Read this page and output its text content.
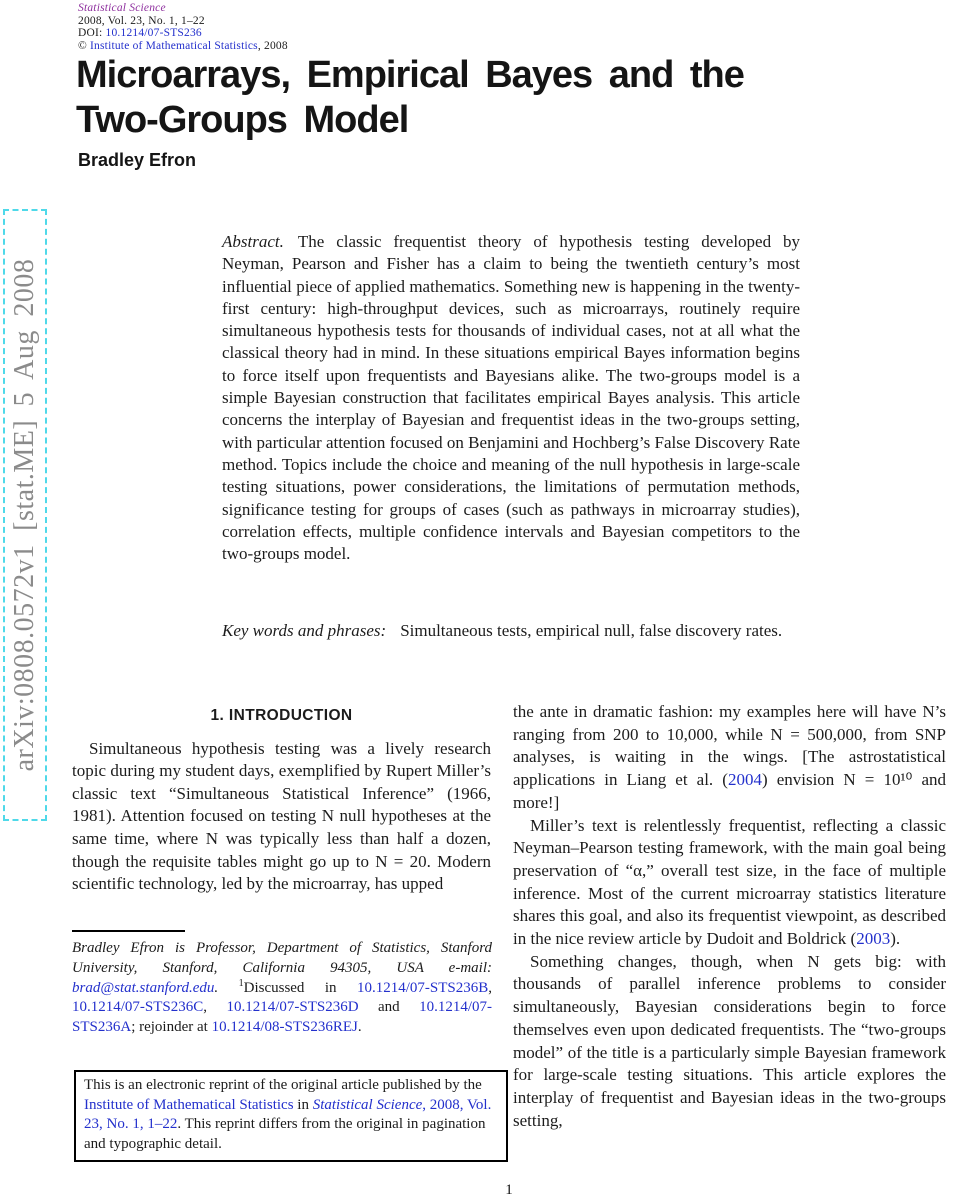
Statistical Science
2008, Vol. 23, No. 1, 1–22
DOI: 10.1214/07-STS236
© Institute of Mathematical Statistics, 2008
Microarrays, Empirical Bayes and the
Two-Groups Model
Bradley Efron
arXiv:0808.0572v1 [stat.ME] 5 Aug 2008
Abstract. The classic frequentist theory of hypothesis testing developed by Neyman, Pearson and Fisher has a claim to being the twentieth century’s most influential piece of applied mathematics. Something new is happening in the twenty-first century: high-throughput devices, such as microarrays, routinely require simultaneous hypothesis tests for thousands of individual cases, not at all what the classical theory had in mind. In these situations empirical Bayes information begins to force itself upon frequentists and Bayesians alike. The two-groups model is a simple Bayesian construction that facilitates empirical Bayes analysis. This article concerns the interplay of Bayesian and frequentist ideas in the two-groups setting, with particular attention focused on Benjamini and Hochberg’s False Discovery Rate method. Topics include the choice and meaning of the null hypothesis in large-scale testing situations, power considerations, the limitations of permutation methods, significance testing for groups of cases (such as pathways in microarray studies), correlation effects, multiple confidence intervals and Bayesian competitors to the two-groups model.
Key words and phrases: Simultaneous tests, empirical null, false discovery rates.
1. INTRODUCTION

Simultaneous hypothesis testing was a lively research topic during my student days, exemplified by Rupert Miller’s classic text “Simultaneous Statistical Inference” (1966, 1981). Attention focused on testing N null hypotheses at the same time, where N was typically less than half a dozen, though the requisite tables might go up to N = 20. Modern scientific technology, led by the microarray, has upped

Bradley Efron is Professor, Department of Statistics, Stanford University, Stanford, California 94305, USA e-mail: brad@stat.stanford.edu. $^1$Discussed in 10.1214/07-STS236B, 10.1214/07-STS236C, 10.1214/07-STS236D and 10.1214/07-STS236A; rejoinder at 10.1214/08-STS236REJ.
This is an electronic reprint of the original article published by the Institute of Mathematical Statistics in Statistical Science, 2008, Vol. 23, No. 1, 1–22. This reprint differs from the original in pagination and typographic detail.

the ante in dramatic fashion: my examples here will have N’s ranging from 200 to 10,000, while N = 500,000, from SNP analyses, is waiting in the wings. [The astrostatistical applications in Liang et al. (2004) envision N = 10¹⁰ and more!]

Miller’s text is relentlessly frequentist, reflecting a classic Neyman–Pearson testing framework, with the main goal being preservation of “α,” overall test size, in the face of multiple inference. Most of the current microarray statistics literature shares this goal, and also its frequentist viewpoint, as described in the nice review article by Dudoit and Boldrick (2003).

Something changes, though, when N gets big: with thousands of parallel inference problems to consider simultaneously, Bayesian considerations begin to force themselves even upon dedicated frequentists. The “two-groups model” of the title is a particularly simple Bayesian framework for large-scale testing situations. This article explores the interplay of frequentist and Bayesian ideas in the two-groups setting,

1
